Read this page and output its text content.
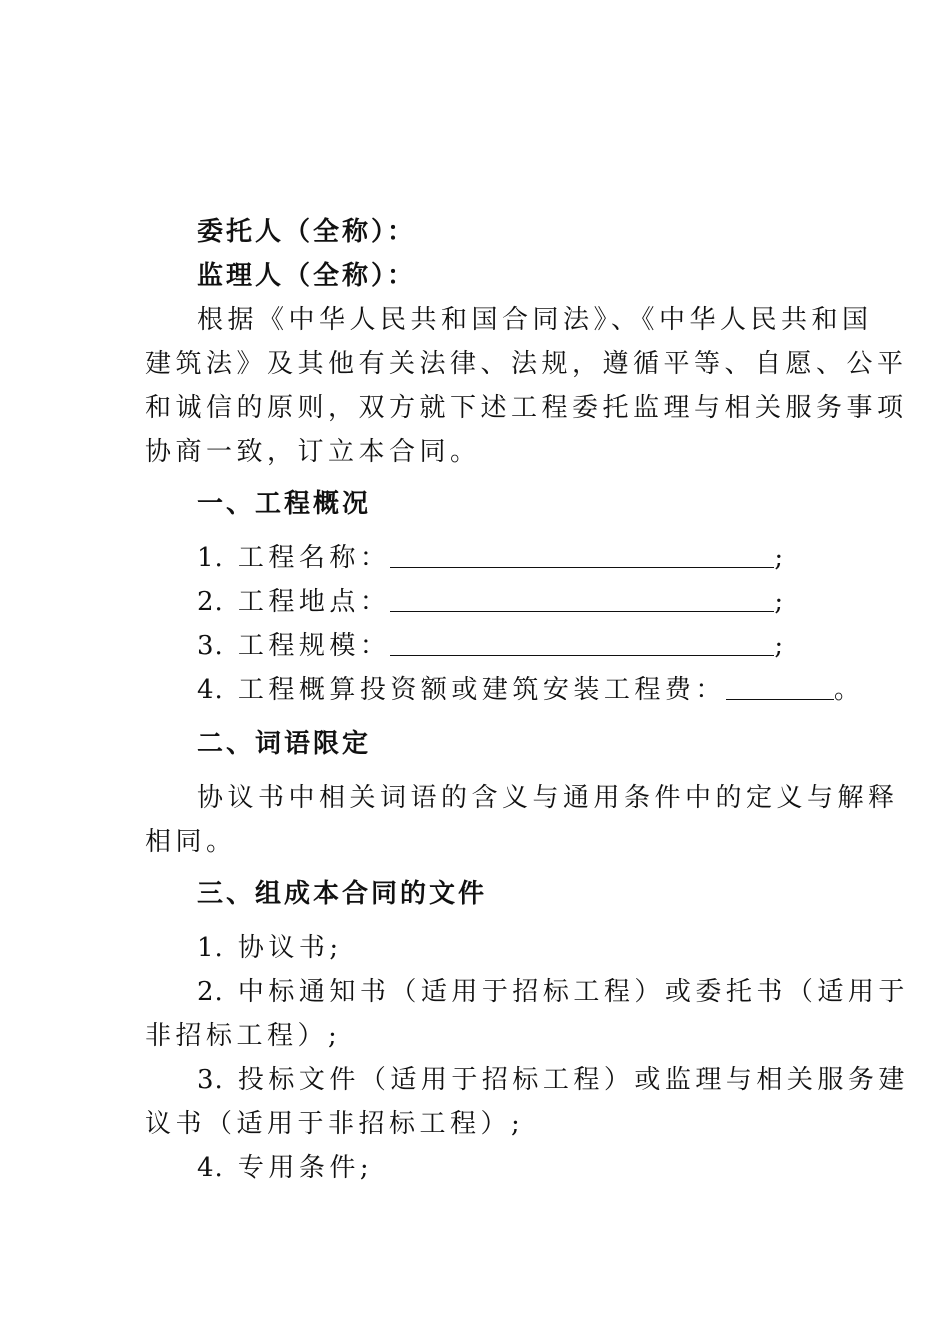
委托人（全称）：
监理人（全称）：
根据《中华人民共和国合同法》、《中华人民共和国
建筑法》及其他有关法律、法规，遵循平等、自愿、公平
和诚信的原则，双方就下述工程委托监理与相关服务事项
协商一致，订立本合同。
一、工程概况
1. 工程名称：	;
2. 工程地点：	;
3. 工程规模：	;
4. 工程概算投资额或建筑安装工程费：	。
二、词语限定
协议书中相关词语的含义与通用条件中的定义与解释
相同。
三、组成本合同的文件
1. 协议书;
2. 中标通知书（适用于招标工程）或委托书（适用于
非招标工程）;
3. 投标文件（适用于招标工程）或监理与相关服务建
议书（适用于非招标工程）;
4. 专用条件;
